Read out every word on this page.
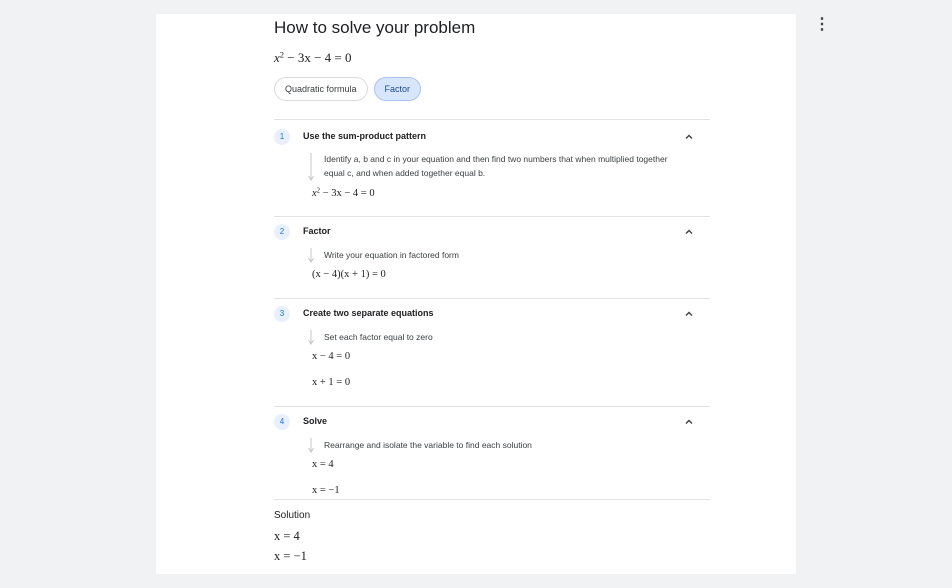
How to solve your problem	⋮
$x^2 - 3x - 4 = 0$
Quadratic formula	Factor
1	Use the sum-product pattern
Identify a, b and c in your equation and then find two numbers that when multiplied together equal c, and when added together equal b.
$x^2 - 3x - 4 = 0$
2	Factor
Write your equation in factored form
(x − 4)(x + 1) = 0
3	Create two separate equations
Set each factor equal to zero
x − 4 = 0
x + 1 = 0
4	Solve
Rearrange and isolate the variable to find each solution
x = 4
x = −1
Solution
x = 4
x = −1
